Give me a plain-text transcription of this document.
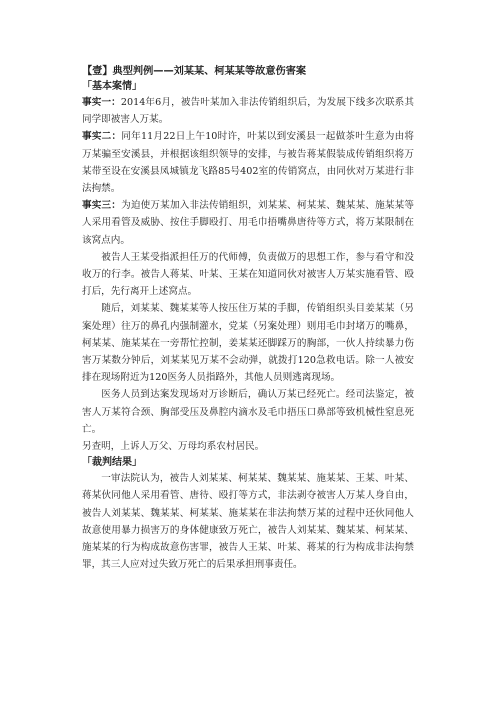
【壹】典型判例——刘某某、柯某某等故意伤害案
「基本案情」

事实一：2014年6月，被告叶某加入非法传销组织后，为发展下线多次联系其同学即被害人万某。

事实二：同年11月22日上午10时许，叶某以到安溪县一起做茶叶生意为由将万某骗至安溪县，并根据该组织领导的安排，与被告蒋某假装成传销组织将万某带至设在安溪县凤城镇龙飞路85号402室的传销窝点，由同伙对万某进行非法拘禁。

事实三：为迫使万某加入非法传销组织，刘某某、柯某某、魏某某、施某某等人采用看管及威胁、按住手脚殴打、用毛巾捂嘴鼻唐待等方式，将万某限制在该窝点内。

被告人王某受指派担任万的代师傅，负责做万的思想工作，参与看守和没收万的行李。被告人蒋某、叶某、王某在知道同伙对被害人万某实施看管、殴打后，先行离开上述窝点。

随后，刘某某、魏某某等人按压住万某的手脚，传销组织头目姜某某（另案处理）往万的鼻孔内强制灌水，党某（另案处理）则用毛巾封堵万的嘴鼻，柯某某、施某某在一旁帮忙控制，姜某某还脚踩万的胸部，一伙人持续暴力伤害万某数分钟后，刘某某见万某不会动弹，就拨打120急救电话。除一人被安排在现场附近为120医务人员指路外，其他人员则逃离现场。

医务人员到达案发现场对万诊断后，确认万某已经死亡。经司法鉴定，被害人万某符合颈、胸部受压及鼻腔内滴水及毛巾捂压口鼻部等致机械性窒息死亡。

另查明，上诉人万父、万母均系农村居民。

「裁判结果」

一审法院认为，被告人刘某某、柯某某、魏某某、施某某、王某、叶某、蒋某伙同他人采用看管、唐待、殴打等方式，非法剥夺被害人万某人身自由，被告人刘某某、魏某某、柯某某、施某某在非法拘禁万某的过程中还伙同他人故意使用暴力损害万的身体健康致万死亡，被告人刘某某、魏某某、柯某某、施某某的行为构成故意伤害罪，被告人王某、叶某、蒋某的行为构成非法拘禁罪，其三人应对过失致万死亡的后果承担刑事责任。
